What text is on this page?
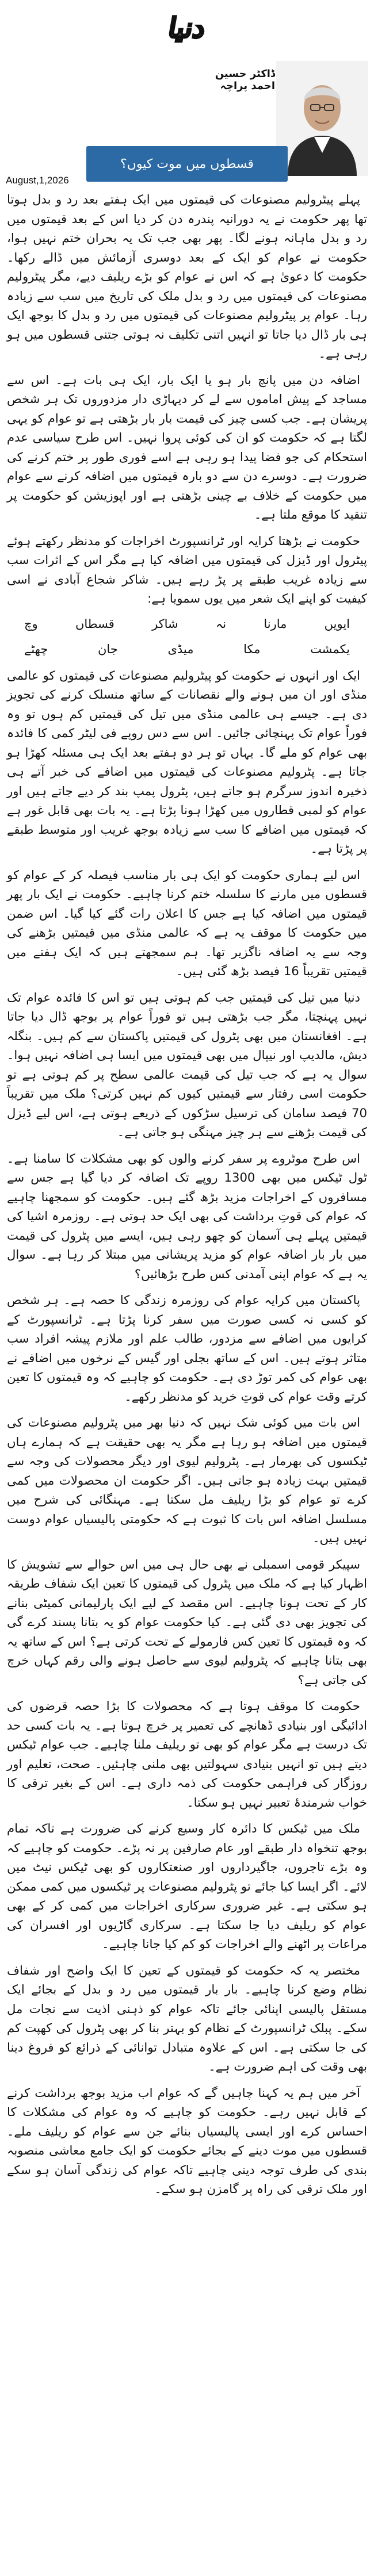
دنیا
ڈاکٹر حسین احمد پراچہ
قسطوں میں موت کیوں؟
August,1,2026

پہلے پیٹرولیم مصنوعات کی قیمتوں میں ایک ہفتے بعد رد و بدل ہوتا تھا پھر حکومت نے یہ دورانیہ پندرہ دن کر دیا اس کے بعد قیمتوں میں رد و بدل ماہانہ ہونے لگا۔ پھر بھی جب تک یہ بحران ختم نہیں ہوا، حکومت نے عوام کو ایک کے بعد دوسری آزمائش میں ڈالے رکھا۔ حکومت کا دعویٰ ہے کہ اس نے عوام کو بڑے ریلیف دیے، مگر پیٹرولیم مصنوعات کی قیمتوں میں رد و بدل ملک کی تاریخ میں سب سے زیادہ رہا۔ عوام پر پیٹرولیم مصنوعات کی قیمتوں میں رد و بدل کا بوجھ ایک ہی بار ڈال دیا جاتا تو انہیں اتنی تکلیف نہ ہوتی جتنی قسطوں میں ہو رہی ہے۔

اضافہ دن میں پانچ بار ہو یا ایک بار، ایک ہی بات ہے۔ اس سے مساجد کے پیش اماموں سے لے کر دیہاڑی دار مزدوروں تک ہر شخص پریشان ہے۔ جب کسی چیز کی قیمت بار بار بڑھتی ہے تو عوام کو یہی لگتا ہے کہ حکومت کو ان کی کوئی پروا نہیں۔ اس طرح سیاسی عدم استحکام کی جو فضا پیدا ہو رہی ہے اسے فوری طور پر ختم کرنے کی ضرورت ہے۔ دوسرے دن سے دو بارہ قیمتوں میں اضافہ کرنے سے عوام میں حکومت کے خلاف بے چینی بڑھتی ہے اور اپوزیشن کو حکومت پر تنقید کا موقع ملتا ہے۔

حکومت نے بڑھتا کرایہ اور ٹرانسپورٹ اخراجات کو مدنظر رکھتے ہوئے پیٹرول اور ڈیزل کی قیمتوں میں اضافہ کیا ہے مگر اس کے اثرات سب سے زیادہ غریب طبقے پر پڑ رہے ہیں۔ شاکر شجاع آبادی نے اسی کیفیت کو اپنے ایک شعر میں یوں سمویا ہے:

ایویں
مارنا
نہ
شاکر
قسطاں
وچ
یکمشت
مکا
میڈی
جان
چھٹے

ایک اور انہوں نے حکومت کو پیٹرولیم مصنوعات کی قیمتوں کو عالمی منڈی اور ان میں ہونے والے نقصانات کے ساتھ منسلک کرنے کی تجویز دی ہے۔ جیسے ہی عالمی منڈی میں تیل کی قیمتیں کم ہوں تو وہ فوراً عوام تک پہنچائی جائیں۔ اس سے دس روپے فی لیٹر کمی کا فائدہ بھی عوام کو ملے گا۔ یہاں تو ہر دو ہفتے بعد ایک ہی مسئلہ کھڑا ہو جاتا ہے۔ پٹرولیم مصنوعات کی قیمتوں میں اضافے کی خبر آتے ہی ذخیرہ اندوز سرگرم ہو جاتے ہیں، پٹرول پمپ بند کر دیے جاتے ہیں اور عوام کو لمبی قطاروں میں کھڑا ہونا پڑتا ہے۔ یہ بات بھی قابل غور ہے کہ قیمتوں میں اضافے کا سب سے زیادہ بوجھ غریب اور متوسط طبقے پر پڑتا ہے۔

اس لیے ہماری حکومت کو ایک ہی بار مناسب فیصلہ کر کے عوام کو قسطوں میں مارنے کا سلسلہ ختم کرنا چاہیے۔ حکومت نے ایک بار پھر قیمتوں میں اضافہ کیا ہے جس کا اعلان رات گئے کیا گیا۔ اس ضمن میں حکومت کا موقف یہ ہے کہ عالمی منڈی میں قیمتیں بڑھنے کی وجہ سے یہ اضافہ ناگزیر تھا۔ ہم سمجھتے ہیں کہ ایک ہفتے میں قیمتیں تقریباً 16 فیصد بڑھ گئی ہیں۔

دنیا میں تیل کی قیمتیں جب کم ہوتی ہیں تو اس کا فائدہ عوام تک نہیں پہنچتا، مگر جب بڑھتی ہیں تو فوراً عوام پر بوجھ ڈال دیا جاتا ہے۔ افغانستان میں بھی پٹرول کی قیمتیں پاکستان سے کم ہیں۔ بنگلہ دیش، مالدیپ اور نیپال میں بھی قیمتوں میں ایسا ہی اضافہ نہیں ہوا۔ سوال یہ ہے کہ جب تیل کی قیمت عالمی سطح پر کم ہوتی ہے تو حکومت اسی رفتار سے قیمتیں کیوں کم نہیں کرتی؟ ملک میں تقریباً 70 فیصد سامان کی ترسیل سڑکوں کے ذریعے ہوتی ہے، اس لیے ڈیزل کی قیمت بڑھنے سے ہر چیز مہنگی ہو جاتی ہے۔

اس طرح موٹروے پر سفر کرنے والوں کو بھی مشکلات کا سامنا ہے۔ ٹول ٹیکس میں بھی 1300 روپے تک اضافہ کر دیا گیا ہے جس سے مسافروں کے اخراجات مزید بڑھ گئے ہیں۔ حکومت کو سمجھنا چاہیے کہ عوام کی قوتِ برداشت کی بھی ایک حد ہوتی ہے۔ روزمرہ اشیا کی قیمتیں پہلے ہی آسمان کو چھو رہی ہیں، ایسے میں پٹرول کی قیمت میں بار بار اضافہ عوام کو مزید پریشانی میں مبتلا کر رہا ہے۔ سوال یہ ہے کہ عوام اپنی آمدنی کس طرح بڑھائیں؟

پاکستان میں کرایہ عوام کی روزمرہ زندگی کا حصہ ہے۔ ہر شخص کو کسی نہ کسی صورت میں سفر کرنا پڑتا ہے۔ ٹرانسپورٹ کے کرایوں میں اضافے سے مزدور، طالب علم اور ملازم پیشہ افراد سب متاثر ہوتے ہیں۔ اس کے ساتھ بجلی اور گیس کے نرخوں میں اضافے نے بھی عوام کی کمر توڑ دی ہے۔ حکومت کو چاہیے کہ وہ قیمتوں کا تعین کرتے وقت عوام کی قوتِ خرید کو مدنظر رکھے۔

اس بات میں کوئی شک نہیں کہ دنیا بھر میں پٹرولیم مصنوعات کی قیمتوں میں اضافہ ہو رہا ہے مگر یہ بھی حقیقت ہے کہ ہمارے ہاں ٹیکسوں کی بھرمار ہے۔ پٹرولیم لیوی اور دیگر محصولات کی وجہ سے قیمتیں بہت زیادہ ہو جاتی ہیں۔ اگر حکومت ان محصولات میں کمی کرے تو عوام کو بڑا ریلیف مل سکتا ہے۔ مہنگائی کی شرح میں مسلسل اضافہ اس بات کا ثبوت ہے کہ حکومتی پالیسیاں عوام دوست نہیں ہیں۔

سپیکر قومی اسمبلی نے بھی حال ہی میں اس حوالے سے تشویش کا اظہار کیا ہے کہ ملک میں پٹرول کی قیمتوں کا تعین ایک شفاف طریقہ کار کے تحت ہونا چاہیے۔ اس مقصد کے لیے ایک پارلیمانی کمیٹی بنانے کی تجویز بھی دی گئی ہے۔ کیا حکومت عوام کو یہ بتانا پسند کرے گی کہ وہ قیمتوں کا تعین کس فارمولے کے تحت کرتی ہے؟ اس کے ساتھ یہ بھی بتانا چاہیے کہ پٹرولیم لیوی سے حاصل ہونے والی رقم کہاں خرچ کی جاتی ہے؟

حکومت کا موقف ہوتا ہے کہ محصولات کا بڑا حصہ قرضوں کی ادائیگی اور بنیادی ڈھانچے کی تعمیر پر خرچ ہوتا ہے۔ یہ بات کسی حد تک درست ہے مگر عوام کو بھی تو ریلیف ملنا چاہیے۔ جب عوام ٹیکس دیتے ہیں تو انہیں بنیادی سہولتیں بھی ملنی چاہئیں۔ صحت، تعلیم اور روزگار کی فراہمی حکومت کی ذمہ داری ہے۔ اس کے بغیر ترقی کا خواب شرمندۂ تعبیر نہیں ہو سکتا۔

ملک میں ٹیکس کا دائرہ کار وسیع کرنے کی ضرورت ہے تاکہ تمام بوجھ تنخواہ دار طبقے اور عام صارفین پر نہ پڑے۔ حکومت کو چاہیے کہ وہ بڑے تاجروں، جاگیرداروں اور صنعتکاروں کو بھی ٹیکس نیٹ میں لائے۔ اگر ایسا کیا جائے تو پٹرولیم مصنوعات پر ٹیکسوں میں کمی ممکن ہو سکتی ہے۔ غیر ضروری سرکاری اخراجات میں کمی کر کے بھی عوام کو ریلیف دیا جا سکتا ہے۔ سرکاری گاڑیوں اور افسران کی مراعات پر اٹھنے والے اخراجات کو کم کیا جانا چاہیے۔

مختصر یہ کہ حکومت کو قیمتوں کے تعین کا ایک واضح اور شفاف نظام وضع کرنا چاہیے۔ بار بار قیمتوں میں رد و بدل کے بجائے ایک مستقل پالیسی اپنائی جائے تاکہ عوام کو ذہنی اذیت سے نجات مل سکے۔ پبلک ٹرانسپورٹ کے نظام کو بہتر بنا کر بھی پٹرول کی کھپت کم کی جا سکتی ہے۔ اس کے علاوہ متبادل توانائی کے ذرائع کو فروغ دینا بھی وقت کی اہم ضرورت ہے۔

آخر میں ہم یہ کہنا چاہیں گے کہ عوام اب مزید بوجھ برداشت کرنے کے قابل نہیں رہے۔ حکومت کو چاہیے کہ وہ عوام کی مشکلات کا احساس کرے اور ایسی پالیسیاں بنائے جن سے عوام کو ریلیف ملے۔ قسطوں میں موت دینے کے بجائے حکومت کو ایک جامع معاشی منصوبہ بندی کی طرف توجہ دینی چاہیے تاکہ عوام کی زندگی آسان ہو سکے اور ملک ترقی کی راہ پر گامزن ہو سکے۔
